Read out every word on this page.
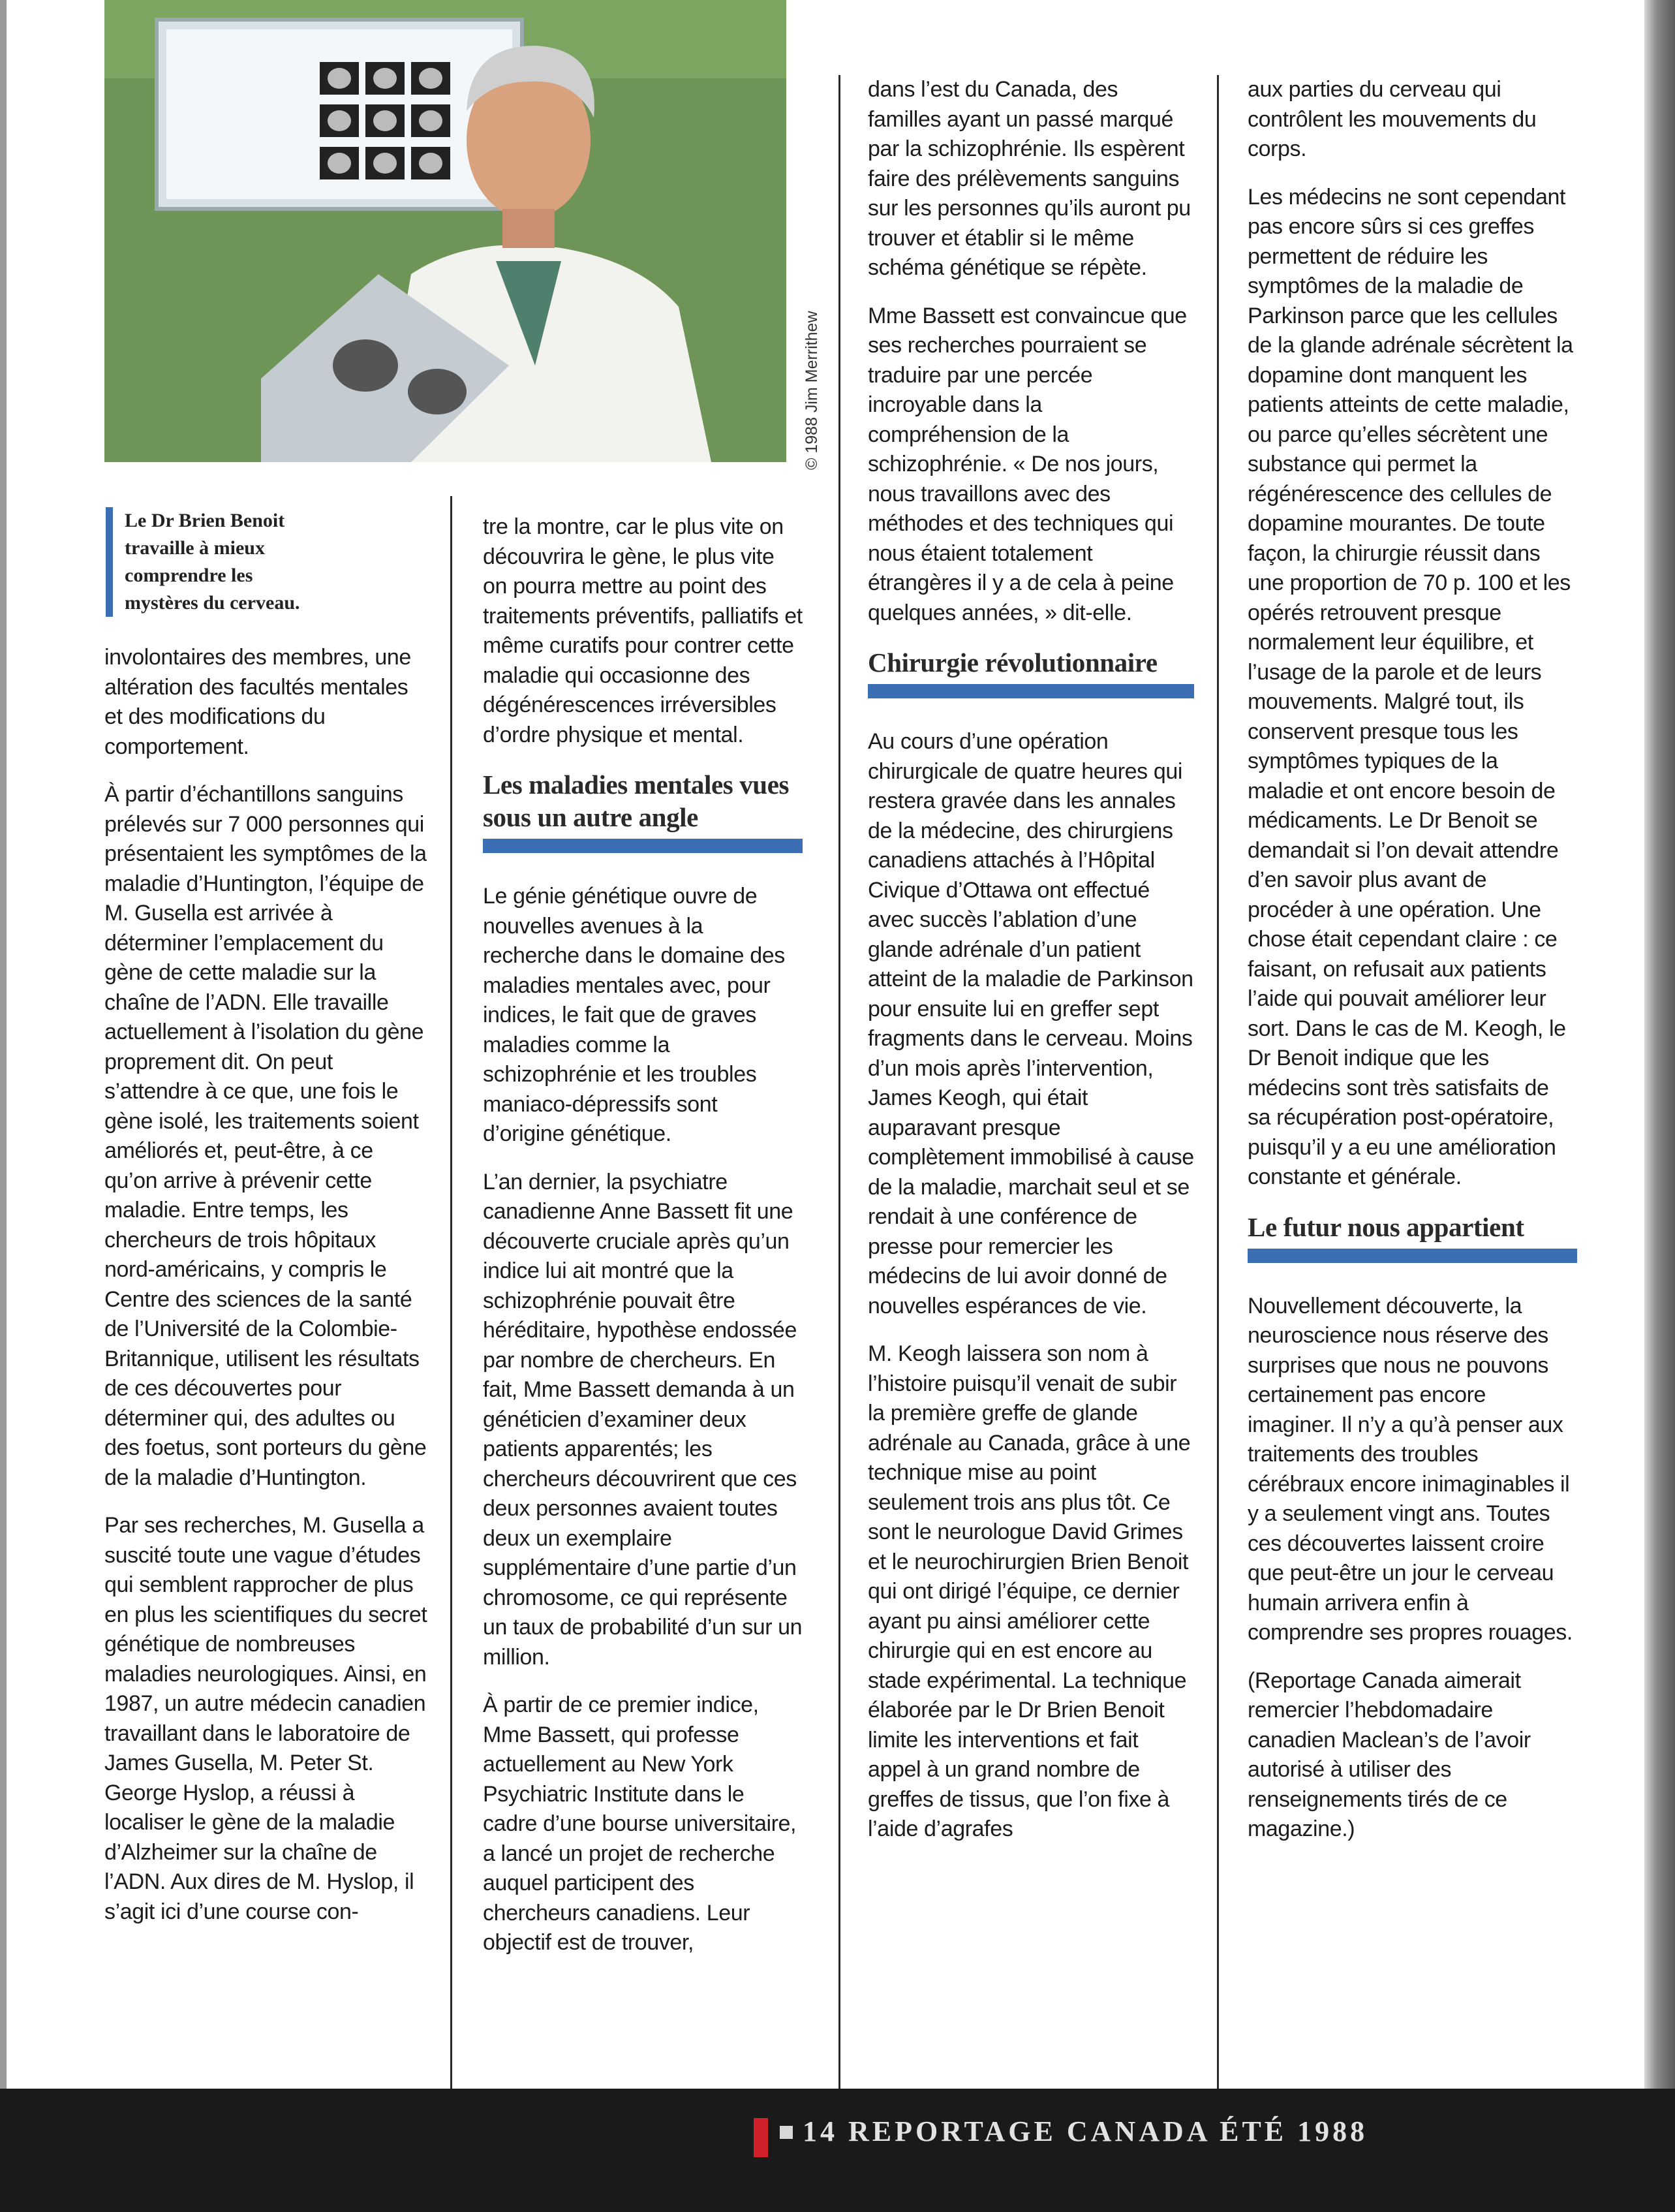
© 1988 Jim Merrithew
Le Dr Brien Benoit
travaille à mieux
comprendre les
mystères du cerveau.

involontaires des membres, une altération des facultés mentales et des modifications du comportement.

À partir d’échantillons sanguins prélevés sur 7 000 personnes qui présentaient les symptômes de la maladie d’Huntington, l’équipe de M. Gusella est arrivée à déterminer l’emplacement du gène de cette maladie sur la chaîne de l’ADN. Elle travaille actuellement à l’isolation du gène proprement dit. On peut s’attendre à ce que, une fois le gène isolé, les traitements soient améliorés et, peut-être, à ce qu’on arrive à prévenir cette maladie. Entre temps, les chercheurs de trois hôpitaux nord-américains, y compris le Centre des sciences de la santé de l’Université de la Colombie-Britannique, utilisent les résultats de ces découvertes pour déterminer qui, des adultes ou des foetus, sont porteurs du gène de la maladie d’Huntington.

Par ses recherches, M. Gusella a suscité toute une vague d’études qui semblent rapprocher de plus en plus les scientifiques du secret génétique de nombreuses maladies neurologiques. Ainsi, en 1987, un autre médecin canadien travaillant dans le laboratoire de James Gusella, M. Peter St. George Hyslop, a réussi à localiser le gène de la maladie d’Alzheimer sur la chaîne de l’ADN. Aux dires de M. Hyslop, il s’agit ici d’une course con-

tre la montre, car le plus vite on découvrira le gène, le plus vite on pourra mettre au point des traitements préventifs, palliatifs et même curatifs pour contrer cette maladie qui occasionne des dégénérescences irréversibles d’ordre physique et mental.

Les maladies mentales vues sous un autre angle

Le génie génétique ouvre de nouvelles avenues à la recherche dans le domaine des maladies mentales avec, pour indices, le fait que de graves maladies comme la schizophrénie et les troubles maniaco-dépressifs sont d’origine génétique.

L’an dernier, la psychiatre canadienne Anne Bassett fit une découverte cruciale après qu’un indice lui ait montré que la schizophrénie pouvait être héréditaire, hypothèse endossée par nombre de chercheurs. En fait, Mme Bassett demanda à un généticien d’examiner deux patients apparentés; les chercheurs découvrirent que ces deux personnes avaient toutes deux un exemplaire supplémentaire d’une partie d’un chromosome, ce qui représente un taux de probabilité d’un sur un million.

À partir de ce premier indice, Mme Bassett, qui professe actuellement au New York Psychiatric Institute dans le cadre d’une bourse universitaire, a lancé un projet de recherche auquel participent des chercheurs canadiens. Leur objectif est de trouver,

dans l’est du Canada, des familles ayant un passé marqué par la schizophrénie. Ils espèrent faire des prélèvements sanguins sur les personnes qu’ils auront pu trouver et établir si le même schéma génétique se répète.

Mme Bassett est convaincue que ses recherches pourraient se traduire par une percée incroyable dans la compréhension de la schizophrénie. « De nos jours, nous travaillons avec des méthodes et des techniques qui nous étaient totalement étrangères il y a de cela à peine quelques années, » dit-elle.

Chirurgie révolutionnaire

Au cours d’une opération chirurgicale de quatre heures qui restera gravée dans les annales de la médecine, des chirurgiens canadiens attachés à l’Hôpital Civique d’Ottawa ont effectué avec succès l’ablation d’une glande adrénale d’un patient atteint de la maladie de Parkinson pour ensuite lui en greffer sept fragments dans le cerveau. Moins d’un mois après l’intervention, James Keogh, qui était auparavant presque complètement immobilisé à cause de la maladie, marchait seul et se rendait à une conférence de presse pour remercier les médecins de lui avoir donné de nouvelles espérances de vie.

M. Keogh laissera son nom à l’histoire puisqu’il venait de subir la première greffe de glande adrénale au Canada, grâce à une technique mise au point seulement trois ans plus tôt. Ce sont le neurologue David Grimes et le neurochirurgien Brien Benoit qui ont dirigé l’équipe, ce dernier ayant pu ainsi améliorer cette chirurgie qui en est encore au stade expérimental. La technique élaborée par le Dr Brien Benoit limite les interventions et fait appel à un grand nombre de greffes de tissus, que l’on fixe à l’aide d’agrafes

aux parties du cerveau qui contrôlent les mouvements du corps.

Les médecins ne sont cependant pas encore sûrs si ces greffes permettent de réduire les symptômes de la maladie de Parkinson parce que les cellules de la glande adrénale sécrètent la dopamine dont manquent les patients atteints de cette maladie, ou parce qu’elles sécrètent une substance qui permet la régénérescence des cellules de dopamine mourantes. De toute façon, la chirurgie réussit dans une proportion de 70 p. 100 et les opérés retrouvent presque normalement leur équilibre, et l’usage de la parole et de leurs mouvements. Malgré tout, ils conservent presque tous les symptômes typiques de la maladie et ont encore besoin de médicaments. Le Dr Benoit se demandait si l’on devait attendre d’en savoir plus avant de procéder à une opération. Une chose était cependant claire : ce faisant, on refusait aux patients l’aide qui pouvait améliorer leur sort. Dans le cas de M. Keogh, le Dr Benoit indique que les médecins sont très satisfaits de sa récupération post-opératoire, puisqu’il y a eu une amélioration constante et générale.

Le futur nous appartient

Nouvellement découverte, la neuroscience nous réserve des surprises que nous ne pouvons certainement pas encore imaginer. Il n’y a qu’à penser aux traitements des troubles cérébraux encore inimaginables il y a seulement vingt ans. Toutes ces découvertes laissent croire que peut-être un jour le cerveau humain arrivera enfin à comprendre ses propres rouages.

(Reportage Canada aimerait remercier l’hebdomadaire canadien Maclean’s de l’avoir autorisé à utiliser des renseignements tirés de ce magazine.)

14 REPORTAGE CANADA ÉTÉ 1988
